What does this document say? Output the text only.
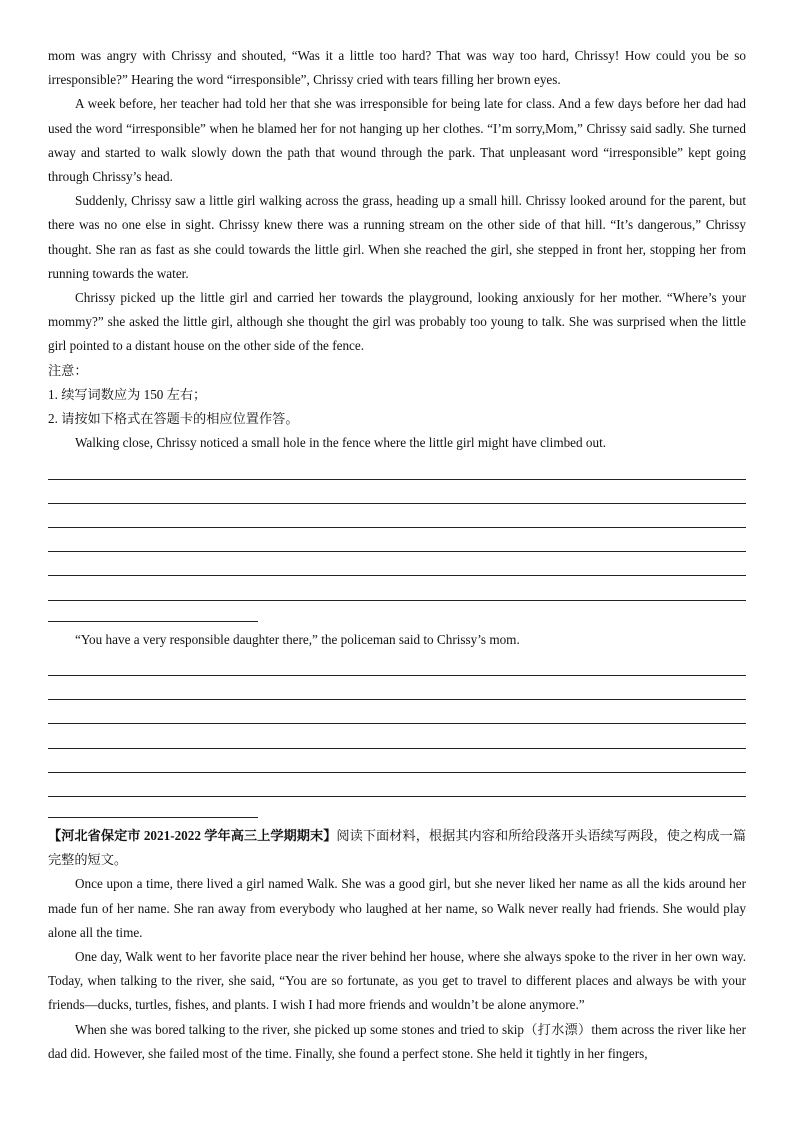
mom was angry with Chrissy and shouted, “Was it a little too hard? That was way too hard, Chrissy! How could you be so irresponsible?” Hearing the word “irresponsible”, Chrissy cried with tears filling her brown eyes.

A week before, her teacher had told her that she was irresponsible for being late for class. And a few days before her dad had used the word “irresponsible” when he blamed her for not hanging up her clothes. “I’m sorry,Mom,” Chrissy said sadly. She turned away and started to walk slowly down the path that wound through the park. That unpleasant word “irresponsible” kept going through Chrissy’s head.

Suddenly, Chrissy saw a little girl walking across the grass, heading up a small hill. Chrissy looked around for the parent, but there was no one else in sight. Chrissy knew there was a running stream on the other side of that hill. “It’s dangerous,” Chrissy thought. She ran as fast as she could towards the little girl. When she reached the girl, she stepped in front her, stopping her from running towards the water.

Chrissy picked up the little girl and carried her towards the playground, looking anxiously for her mother. “Where’s your mommy?” she asked the little girl, although she thought the girl was probably too young to talk. She was surprised when the little girl pointed to a distant house on the other side of the fence.

注意：

1. 续写词数应为 150 左右；

2. 请按如下格式在答题卡的相应位置作答。

Walking close, Chrissy noticed a small hole in the fence where the little girl might have climbed out.

“You have a very responsible daughter there,” the policeman said to Chrissy’s mom.

【河北省保定市 2021-2022 学年高三上学期期末】阅读下面材料，根据其内容和所给段落开头语续写两段，使之构成一篇完整的短文。

Once upon a time, there lived a girl named Walk. She was a good girl, but she never liked her name as all the kids around her made fun of her name. She ran away from everybody who laughed at her name, so Walk never really had friends. She would play alone all the time.

One day, Walk went to her favorite place near the river behind her house, where she always spoke to the river in her own way. Today, when talking to the river, she said, “You are so fortunate, as you get to travel to different places and always be with your friends—ducks, turtles, fishes, and plants. I wish I had more friends and wouldn’t be alone anymore.”

When she was bored talking to the river, she picked up some stones and tried to skip（打水漂）them across the river like her dad did. However, she failed most of the time. Finally, she found a perfect stone. She held it tightly in her fingers,
